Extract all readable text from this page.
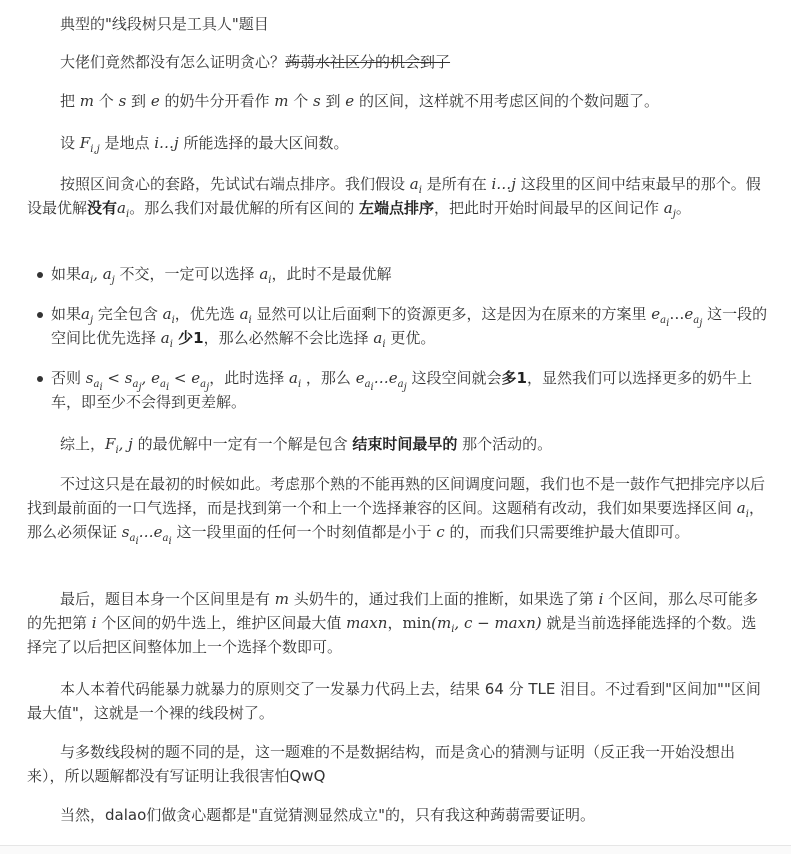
典型的"线段树只是工具人"题目

大佬们竟然都没有怎么证明贪心？蒟蒻水社区分的机会到了

把 m 个 s 到 e 的奶牛分开看作 m 个 s 到 e 的区间，这样就不用考虑区间的个数问题了。

设 $F_{i,j}$ 是地点 i…j 所能选择的最大区间数。

按照区间贪心的套路，先试试右端点排序。我们假设 $a_i$ 是所有在 i…j 这段里的区间中结束最早的那个。假设最优解没有$a_i$。那么我们对最优解的所有区间的 左端点排序，把此时开始时间最早的区间记作 $a_j$。

如果$a_i$, $a_j$ 不交，一定可以选择 $a_i$，此时不是最优解
如果$a_j$ 完全包含 $a_i$，优先选 $a_i$ 显然可以让后面剩下的资源更多，这是因为在原来的方案里 $e_{a_i}\dots e_{a_j}$ 这一段的空间比优先选择 $a_i$ 少1，那么必然解不会比选择 $a_i$ 更优。
否则 $s_{a_i} < s_{a_j}$, $e_{a_i} < e_{a_j}$，此时选择 $a_i$ ，那么 $e_{a_i}\dots e_{a_j}$ 这段空间就会多1，显然我们可以选择更多的奶牛上车，即至少不会得到更差解。

综上，$F_i$, j 的最优解中一定有一个解是包含 结束时间最早的 那个活动的。

不过这只是在最初的时候如此。考虑那个熟的不能再熟的区间调度问题，我们也不是一鼓作气把排完序以后找到最前面的一口气选择，而是找到第一个和上一个选择兼容的区间。这题稍有改动，我们如果要选择区间 $a_i$，那么必须保证 $s_{a_i}\dots e_{a_i}$ 这一段里面的任何一个时刻值都是小于 c 的，而我们只需要维护最大值即可。

最后，题目本身一个区间里是有 m 头奶牛的，通过我们上面的推断，如果选了第 i 个区间，那么尽可能多的先把第 i 个区间的奶牛选上，维护区间最大值 maxn，$\min(m_i$, c − maxn) 就是当前选择能选择的个数。选择完了以后把区间整体加上一个选择个数即可。

本人本着代码能暴力就暴力的原则交了一发暴力代码上去，结果 64 分 TLE 泪目。不过看到"区间加""区间最大值"，这就是一个裸的线段树了。

与多数线段树的题不同的是，这一题难的不是数据结构，而是贪心的猜测与证明（反正我一开始没想出来），所以题解都没有写证明让我很害怕QwQ

当然，dalao们做贪心题都是"直觉猜测显然成立"的，只有我这种蒟蒻需要证明。
